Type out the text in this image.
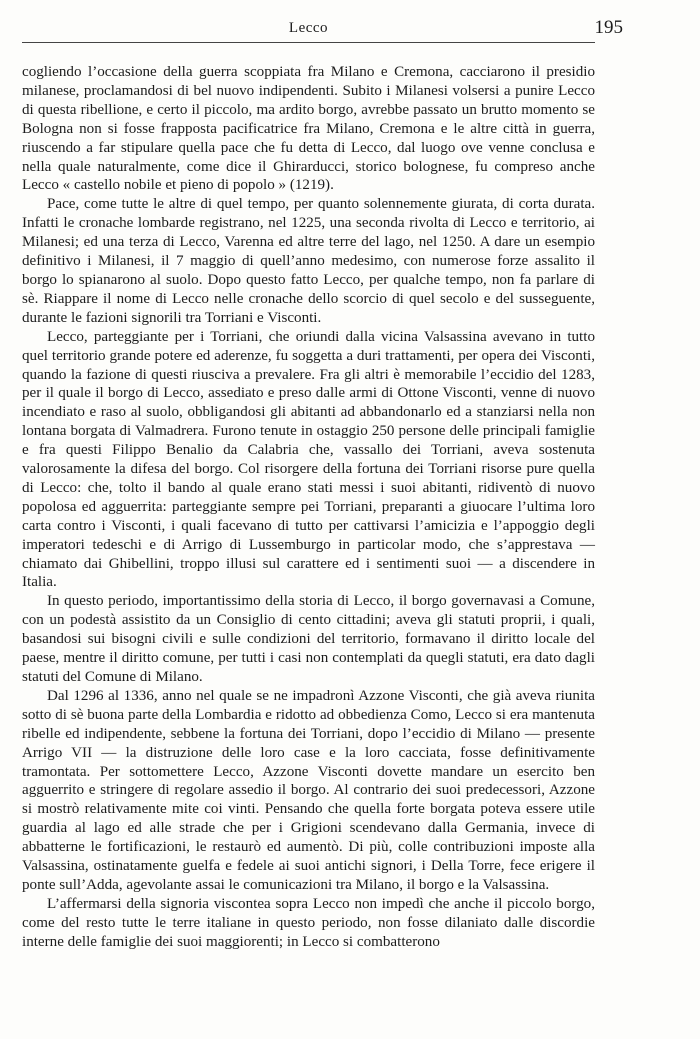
Lecco	195

cogliendo l’occasione della guerra scoppiata fra Milano e Cremona, cacciarono il presidio milanese, proclamandosi di bel nuovo indipendenti. Subito i Milanesi volsersi a punire Lecco di questa ribellione, e certo il piccolo, ma ardito borgo, avrebbe passato un brutto momento se Bologna non si fosse frapposta pacificatrice fra Milano, Cremona e le altre città in guerra, riuscendo a far stipulare quella pace che fu detta di Lecco, dal luogo ove venne conclusa e nella quale naturalmente, come dice il Ghirarducci, storico bolognese, fu compreso anche Lecco « castello nobile et pieno di popolo » (1219).

Pace, come tutte le altre di quel tempo, per quanto solennemente giurata, di corta durata. Infatti le cronache lombarde registrano, nel 1225, una seconda rivolta di Lecco e territorio, ai Milanesi; ed una terza di Lecco, Varenna ed altre terre del lago, nel 1250. A dare un esempio definitivo i Milanesi, il 7 maggio di quell’anno medesimo, con numerose forze assalito il borgo lo spianarono al suolo. Dopo questo fatto Lecco, per qualche tempo, non fa parlare di sè. Riappare il nome di Lecco nelle cronache dello scorcio di quel secolo e del susseguente, durante le fazioni signorili tra Torriani e Visconti.

Lecco, parteggiante per i Torriani, che oriundi dalla vicina Valsassina avevano in tutto quel territorio grande potere ed aderenze, fu soggetta a duri trattamenti, per opera dei Visconti, quando la fazione di questi riusciva a prevalere. Fra gli altri è memorabile l’eccidio del 1283, per il quale il borgo di Lecco, assediato e preso dalle armi di Ottone Visconti, venne di nuovo incendiato e raso al suolo, obbligandosi gli abitanti ad abbandonarlo ed a stanziarsi nella non lontana borgata di Valmadrera. Furono tenute in ostaggio 250 persone delle principali famiglie e fra questi Filippo Benalio da Calabria che, vassallo dei Torriani, aveva sostenuta valorosamente la difesa del borgo. Col risorgere della fortuna dei Torriani risorse pure quella di Lecco: che, tolto il bando al quale erano stati messi i suoi abitanti, ridiventò di nuovo popolosa ed agguerrita: parteggiante sempre pei Torriani, preparanti a giuocare l’ultima loro carta contro i Visconti, i quali facevano di tutto per cattivarsi l’amicizia e l’appoggio degli imperatori tedeschi e di Arrigo di Lussemburgo in particolar modo, che s’apprestava — chiamato dai Ghibellini, troppo illusi sul carattere ed i sentimenti suoi — a discendere in Italia.

In questo periodo, importantissimo della storia di Lecco, il borgo governavasi a Comune, con un podestà assistito da un Consiglio di cento cittadini; aveva gli statuti proprii, i quali, basandosi sui bisogni civili e sulle condizioni del territorio, formavano il diritto locale del paese, mentre il diritto comune, per tutti i casi non contemplati da quegli statuti, era dato dagli statuti del Comune di Milano.

Dal 1296 al 1336, anno nel quale se ne impadronì Azzone Visconti, che già aveva riunita sotto di sè buona parte della Lombardia e ridotto ad obbedienza Como, Lecco si era mantenuta ribelle ed indipendente, sebbene la fortuna dei Torriani, dopo l’eccidio di Milano — presente Arrigo VII — la distruzione delle loro case e la loro cacciata, fosse definitivamente tramontata. Per sottomettere Lecco, Azzone Visconti dovette mandare un esercito ben agguerrito e stringere di regolare assedio il borgo. Al contrario dei suoi predecessori, Azzone si mostrò relativamente mite coi vinti. Pensando che quella forte borgata poteva essere utile guardia al lago ed alle strade che per i Grigioni scendevano dalla Germania, invece di abbatterne le fortificazioni, le restaurò ed aumentò. Di più, colle contribuzioni imposte alla Valsassina, ostinatamente guelfa e fedele ai suoi antichi signori, i Della Torre, fece erigere il ponte sull’Adda, agevolante assai le comunicazioni tra Milano, il borgo e la Valsassina.

L’affermarsi della signoria viscontea sopra Lecco non impedì che anche il piccolo borgo, come del resto tutte le terre italiane in questo periodo, non fosse dilaniato dalle discordie interne delle famiglie dei suoi maggiorenti; in Lecco si combatterono
